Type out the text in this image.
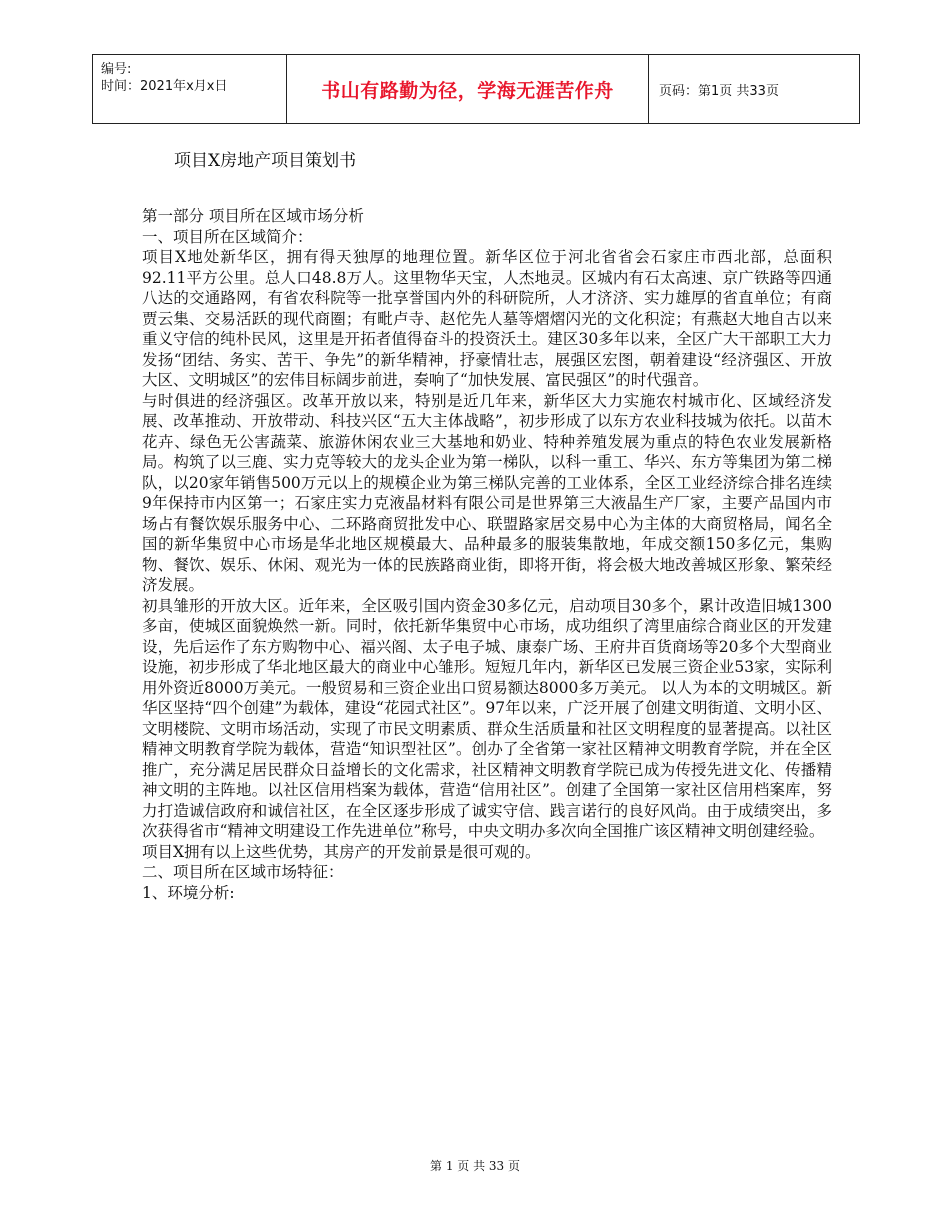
编号:
时间：2021年x月x日	书山有路勤为径，学海无涯苦作舟	页码：第1页 共33页
项目X房地产项目策划书

第一部分 项目所在区域市场分析

一、项目所在区域简介：

项目X地处新华区，拥有得天独厚的地理位置。新华区位于河北省省会石家庄市西北部，总面积92.11平方公里。总人口48.8万人。这里物华天宝，人杰地灵。区城内有石太高速、京广铁路等四通八达的交通路网，有省农科院等一批享誉国内外的科研院所，人才济济、实力雄厚的省直单位；有商贾云集、交易活跃的现代商圈；有毗卢寺、赵佗先人墓等熠熠闪光的文化积淀；有燕赵大地自古以来重义守信的纯朴民风，这里是开拓者值得奋斗的投资沃土。建区30多年以来，全区广大干部职工大力发扬“团结、务实、苦干、争先”的新华精神，抒豪情壮志，展强区宏图，朝着建设“经济强区、开放大区、文明城区”的宏伟目标阔步前进，奏响了“加快发展、富民强区”的时代强音。

与时俱进的经济强区。改革开放以来，特别是近几年来，新华区大力实施农村城市化、区域经济发展、改革推动、开放带动、科技兴区“五大主体战略”，初步形成了以东方农业科技城为依托。以苗木花卉、绿色无公害蔬菜、旅游休闲农业三大基地和奶业、特种养殖发展为重点的特色农业发展新格局。构筑了以三鹿、实力克等较大的龙头企业为第一梯队，以科一重工、华兴、东方等集团为第二梯队，以20家年销售500万元以上的规模企业为第三梯队完善的工业体系，全区工业经济综合排名连续9年保持市内区第一；石家庄实力克液晶材料有限公司是世界第三大液晶生产厂家，主要产品国内市场占有餐饮娱乐服务中心、二环路商贸批发中心、联盟路家居交易中心为主体的大商贸格局，闻名全国的新华集贸中心市场是华北地区规模最大、品种最多的服装集散地，年成交额150多亿元，集购物、餐饮、娱乐、休闲、观光为一体的民族路商业街，即将开街，将会极大地改善城区形象、繁荣经济发展。

初具雏形的开放大区。近年来，全区吸引国内资金30多亿元，启动项目30多个，累计改造旧城1300多亩，使城区面貌焕然一新。同时，依托新华集贸中心市场，成功组织了湾里庙综合商业区的开发建设，先后运作了东方购物中心、福兴阁、太子电子城、康泰广场、王府井百货商场等20多个大型商业设施，初步形成了华北地区最大的商业中心雏形。短短几年内，新华区已发展三资企业53家，实际利用外资近8000万美元。一般贸易和三资企业出口贸易额达8000多万美元。 以人为本的文明城区。新华区坚持“四个创建”为载体，建设“花园式社区”。97年以来，广泛开展了创建文明街道、文明小区、文明楼院、文明市场活动，实现了市民文明素质、群众生活质量和社区文明程度的显著提高。以社区精神文明教育学院为载体，营造“知识型社区”。创办了全省第一家社区精神文明教育学院，并在全区推广，充分满足居民群众日益增长的文化需求，社区精神文明教育学院已成为传授先进文化、传播精神文明的主阵地。以社区信用档案为载体，营造“信用社区”。创建了全国第一家社区信用档案库，努力打造诚信政府和诚信社区，在全区逐步形成了诚实守信、践言诺行的良好风尚。由于成绩突出，多次获得省市“精神文明建设工作先进单位”称号，中央文明办多次向全国推广该区精神文明创建经验。

项目X拥有以上这些优势，其房产的开发前景是很可观的。

二、项目所在区域市场特征：

1、环境分析:

第 1 页 共 33 页
